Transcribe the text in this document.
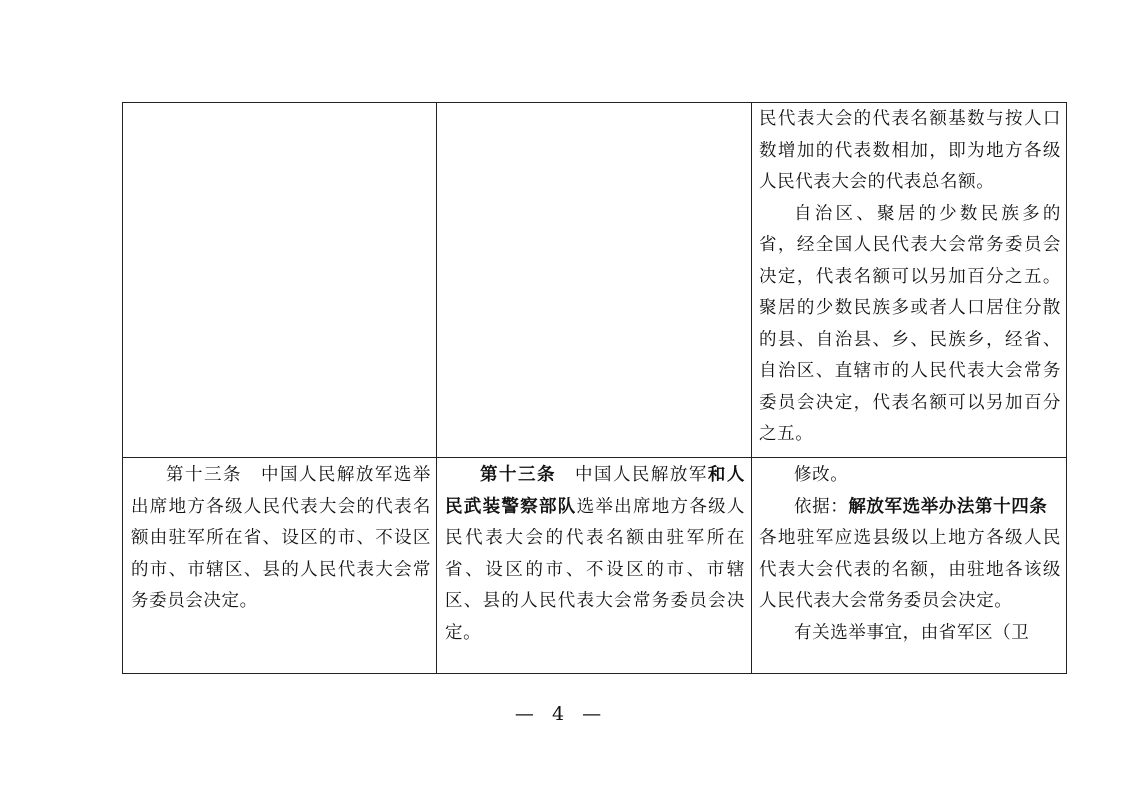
民代表大会的代表名额基数与按人口数增加的代表数相加，即为地方各级人民代表大会的代表总名额。

自治区、聚居的少数民族多的省，经全国人民代表大会常务委员会决定，代表名额可以另加百分之五。聚居的少数民族多或者人口居住分散的县、自治县、乡、民族乡，经省、自治区、直辖市的人民代表大会常务委员会决定，代表名额可以另加百分之五。

第十三条　中国人民解放军选举出席地方各级人民代表大会的代表名额由驻军所在省、设区的市、不设区的市、市辖区、县的人民代表大会常务委员会决定。

第十三条　中国人民解放军和人民武装警察部队选举出席地方各级人民代表大会的代表名额由驻军所在省、设区的市、不设区的市、市辖区、县的人民代表大会常务委员会决定。

修改。

依据：解放军选举办法第十四条　各地驻军应选县级以上地方各级人民代表大会代表的名额，由驻地各该级人民代表大会常务委员会决定。

有关选举事宜，由省军区（卫

— 4 —
